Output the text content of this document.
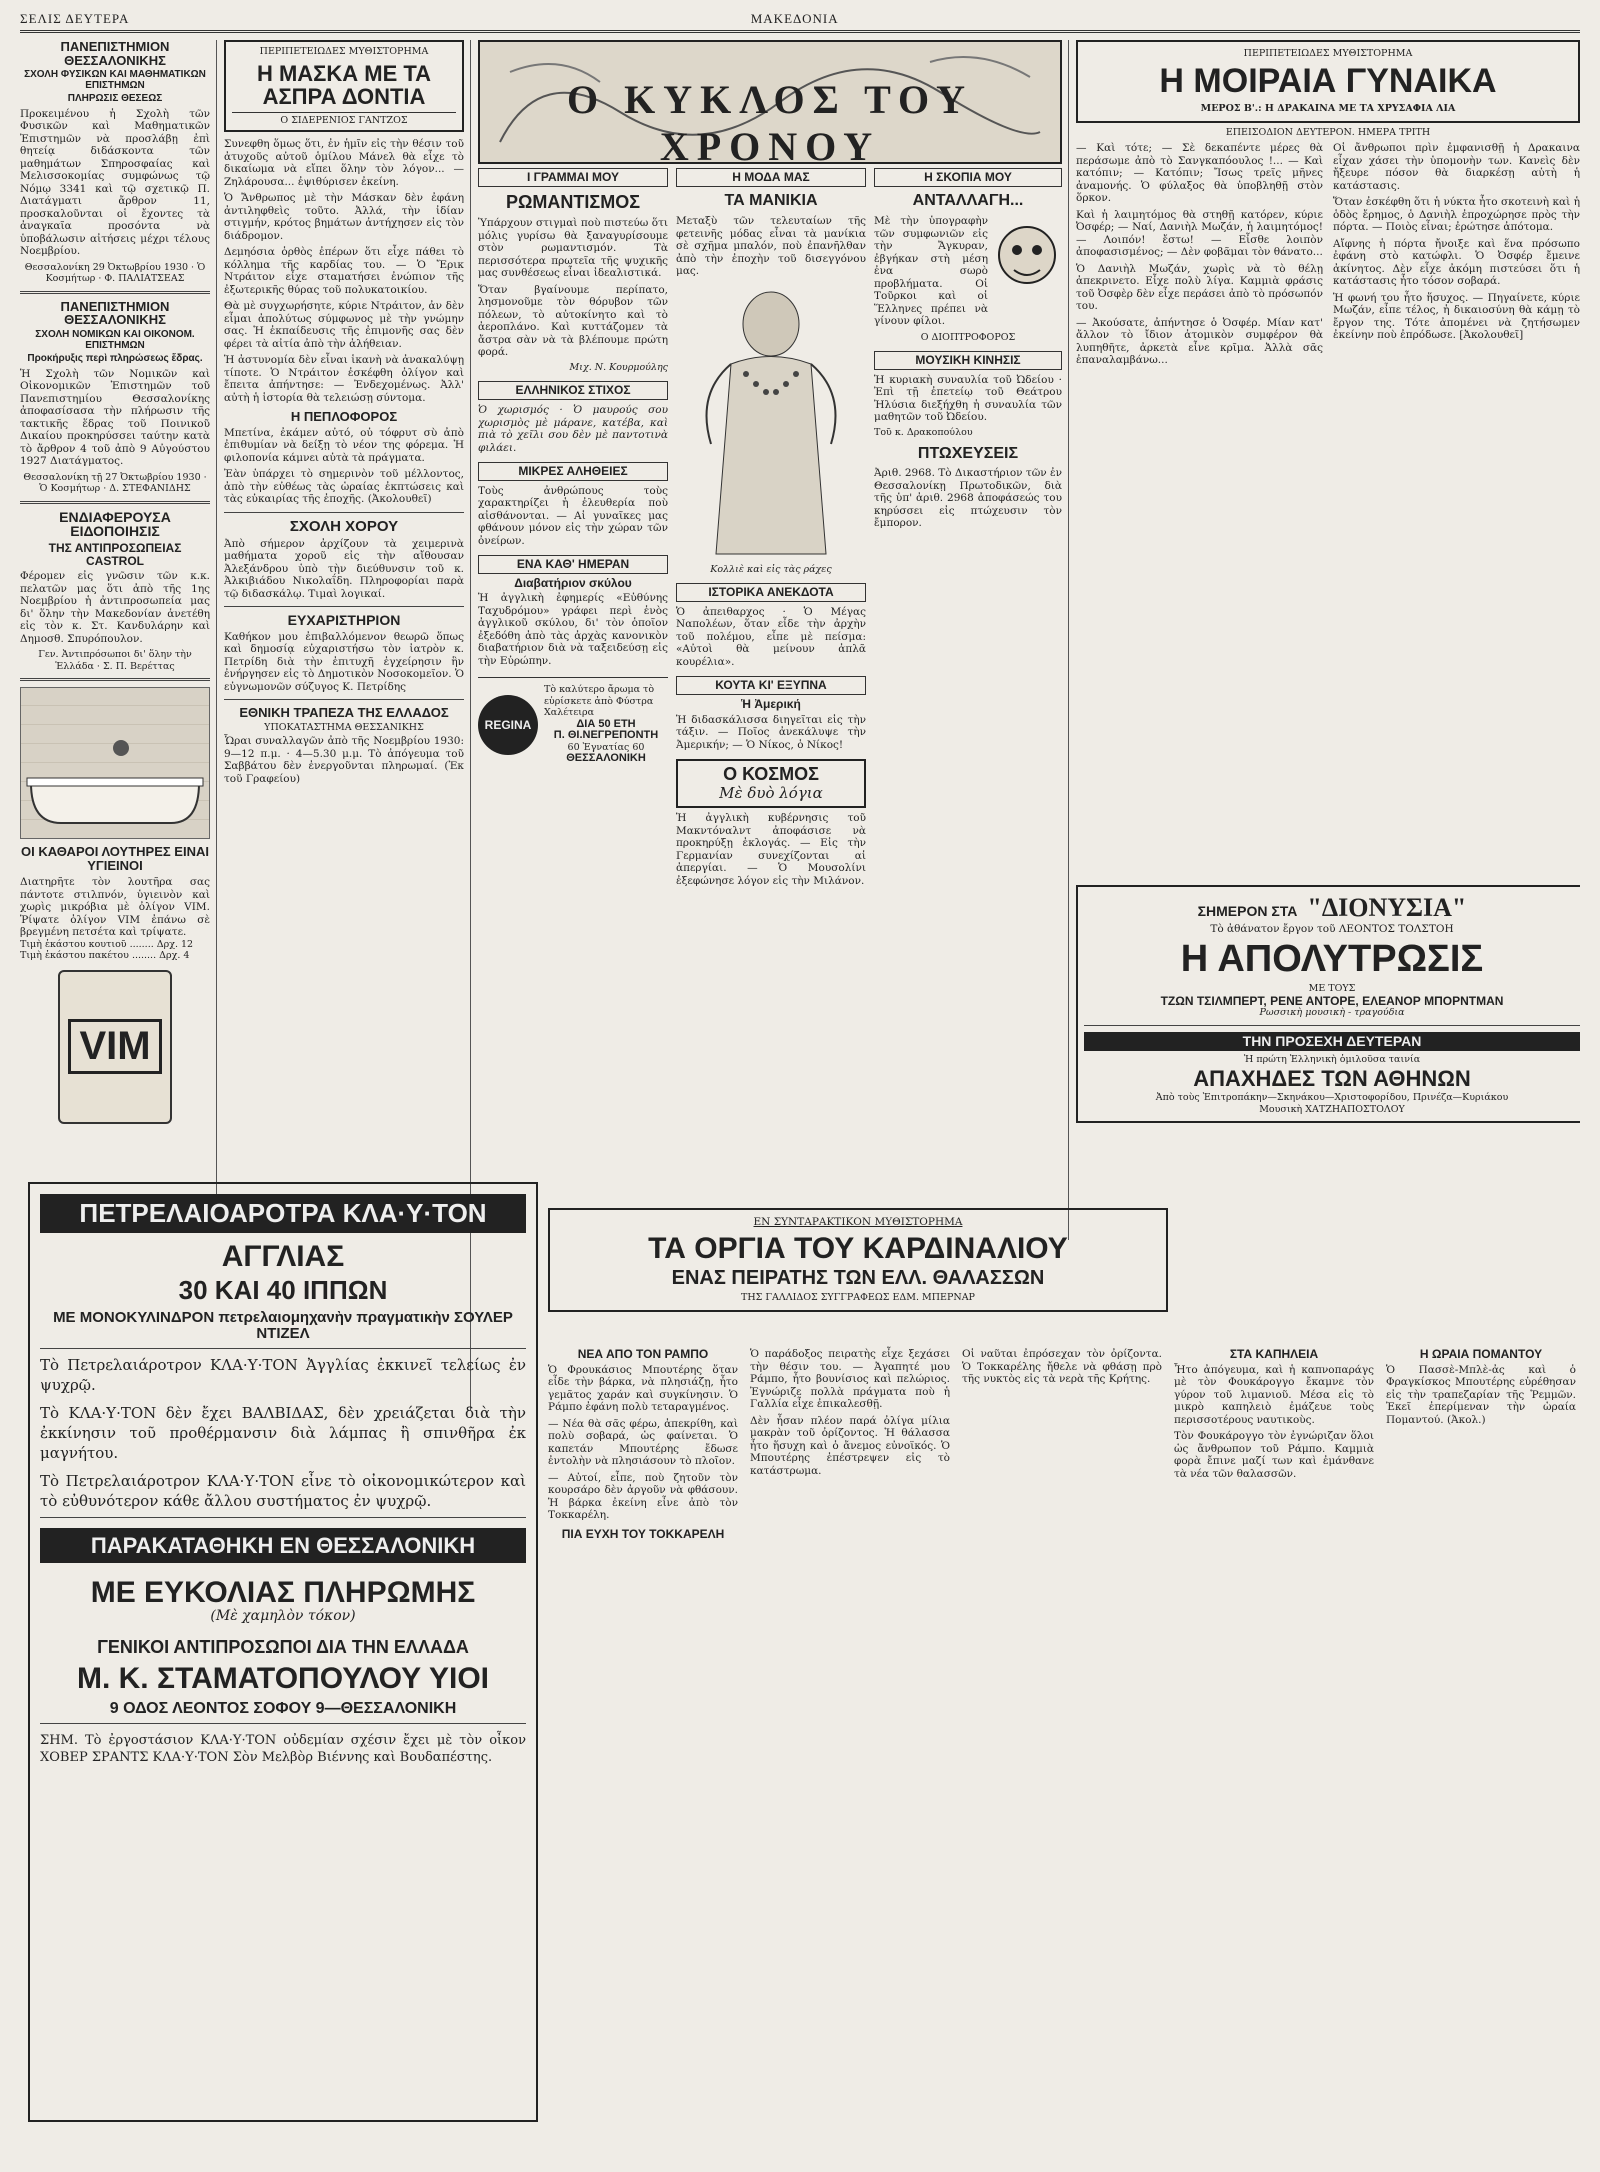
ΣΕΛΙΣ ΔΕΥΤΕΡΑ	ΜΑΚΕΔΟΝΙΑ
ΠΑΝΕΠΙΣΤΗΜΙΟΝ ΘΕΣΣΑΛΟΝΙΚΗΣ
ΣΧΟΛΗ ΦΥΣΙΚΩΝ ΚΑΙ ΜΑΘΗΜΑΤΙΚΩΝ ΕΠΙΣΤΗΜΩΝ
ΠΛΗΡΩΣΙΣ ΘΕΣΕΩΣ
Προκειμένου ἡ Σχολὴ τῶν Φυσικῶν καὶ Μαθηματικῶν Ἐπιστημῶν νὰ προσλάβῃ ἐπὶ θητείᾳ διδάσκοντα τῶν μαθημάτων Σπηροσφαίας καὶ Μελισσοκομίας συμφώνως τῷ Νόμῳ 3341 καὶ τῷ σχετικῷ Π. Διατάγματι ἄρθρον 11, προσκαλοῦνται οἱ ἔχοντες τὰ ἀναγκαῖα προσόντα νὰ ὑποβάλωσιν αἰτήσεις μέχρι τέλους Νοεμβρίου.
Θεσσαλονίκη 29 Ὀκτωβρίου 1930 · Ὁ Κοσμήτωρ · Φ. ΠΑΛΙΑΤΣΕΑΣ
ΠΑΝΕΠΙΣΤΗΜΙΟΝ ΘΕΣΣΑΛΟΝΙΚΗΣ
ΣΧΟΛΗ ΝΟΜΙΚΩΝ ΚΑΙ ΟΙΚΟΝΟΜ. ΕΠΙΣΤΗΜΩΝ
Προκήρυξις περὶ πληρώσεως ἕδρας.
Ἡ Σχολὴ τῶν Νομικῶν καὶ Οἰκονομικῶν Ἐπιστημῶν τοῦ Πανεπιστημίου Θεσσαλονίκης ἀποφασίσασα τὴν πλήρωσιν τῆς τακτικῆς ἕδρας τοῦ Ποινικοῦ Δικαίου προκηρύσσει ταύτην κατὰ τὸ ἄρθρον 4 τοῦ ἀπὸ 9 Αὐγούστου 1927 Διατάγματος.
Θεσσαλονίκη τῇ 27 Ὀκτωβρίου 1930 · Ὁ Κοσμήτωρ · Δ. ΣΤΕΦΑΝΙΔΗΣ
ΕΝΔΙΑΦΕΡΟΥΣΑ ΕΙΔΟΠΟΙΗΣΙΣ
ΤΗΣ ΑΝΤΙΠΡΟΣΩΠΕΙΑΣ CASTROL
Φέρομεν εἰς γνῶσιν τῶν κ.κ. πελατῶν μας ὅτι ἀπὸ τῆς 1ης Νοεμβρίου ἡ ἀντιπροσωπεία μας δι' ὅλην τὴν Μακεδονίαν ἀνετέθη εἰς τὸν κ. Στ. Κανδυλάρην καὶ Δημοσθ. Σπυρόπουλον.
Γεν. Ἀντιπρόσωποι δι' ὅλην τὴν Ἑλλάδα · Σ. Π. Βερέττας
ΟΙ ΚΑΘΑΡΟΙ ΛΟΥΤΗΡΕΣ ΕΙΝΑΙ ΥΓΙΕΙΝΟΙ
Διατηρῆτε τὸν λουτῆρα σας πάντοτε στιλπνόν, ὑγιεινὸν καὶ χωρὶς μικρόβια μὲ ὀλίγον VIM. Ῥίψατε ὀλίγον VIM ἐπάνω σὲ βρεγμένη πετσέτα καὶ τρίψατε.
Τιμὴ ἑκάστου κουτιοῦ ........ Δρχ. 12
Τιμὴ ἑκάστου πακέτου ........ Δρχ. 4
VIM
ΠΕΡΙΠΕΤΕΙΩΔΕΣ ΜΥΘΙΣΤΟΡΗΜΑ
Η ΜΑΣΚΑ ΜΕ ΤΑ ΑΣΠΡΑ ΔΟΝΤΙΑ
Ο ΣΙΔΕΡΕΝΙΟΣ ΓΑΝΤΖΟΣ
Συνεφθη ὅμως ὅτι, ἐν ἡμῖν εἰς τὴν θέσιν τοῦ ἀτυχοῦς αὐτοῦ ὁμίλου Μάνελ θὰ εἶχε τὸ δικαίωμα νὰ εἴπει ὅλην τὸν λόγον... — Ζηλάρουσα... ἐψιθύρισεν ἐκείνη.
Ὁ Ἄνθρωπος μὲ τὴν Μάσκαν δὲν ἐφάνη ἀντιληφθεὶς τοῦτο. Ἀλλά, τὴν ἰδίαν στιγμήν, κρότος βημάτων ἀντήχησεν εἰς τὸν διάδρομον.
Δεμηόσια ὁρθὸς ἐπέρων ὅτι εἶχε πάθει τὸ κόλλημα τῆς καρδίας του. — Ὁ Ἔρικ Ντράιτον εἶχε σταματήσει ἐνώπιον τῆς ἐξωτερικῆς θύρας τοῦ πολυκατοικίου.
Θὰ μὲ συγχωρήσητε, κύριε Ντράιτον, ἀν δὲν εἶμαι ἀπολύτως σύμφωνος μὲ τὴν γνώμην σας. Ἡ ἐκπαίδευσις τῆς ἐπιμονῆς σας δὲν φέρει τὰ αἰτία ἀπὸ τὴν ἀλήθειαν.
Ἡ ἀστυνομία δὲν εἶναι ἱκανὴ νὰ ἀνακαλύψῃ τίποτε. Ὁ Ντράιτον ἐσκέφθη ὀλίγον καὶ ἔπειτα ἀπήντησε: — Ἐνδεχομένως. Ἀλλ' αὐτὴ ἡ ἱστορία θὰ τελειώσῃ σύντομα.
Η ΠΕΠΛΟΦΟΡΟΣ
Μπετίνα, ἐκάμεν αὐτό, οὐ τόφρυτ σὺ ἀπὸ ἐπιθυμίαν νὰ δείξῃ τὸ νέον της φόρεμα. Ἡ φιλοπονία κάμνει αὐτὰ τὰ πράγματα.
Ἐὰν ὑπάρχει τὸ σημερινὸν τοῦ μέλλοντος, ἀπὸ τὴν εὐθέως τὰς ὡραίας ἐκπτώσεις καὶ τὰς εὐκαιρίας τῆς ἐποχῆς. (Ἀκολουθεῖ)
ΣΧΟΛΗ ΧΟΡΟΥ
Ἀπὸ σήμερον ἀρχίζουν τὰ χειμερινὰ μαθήματα χοροῦ εἰς τὴν αἴθουσαν Ἀλεξάνδρου ὑπὸ τὴν διεύθυνσιν τοῦ κ. Ἀλκιβιάδου Νικολαΐδη. Πληροφορίαι παρὰ τῷ διδασκάλῳ. Τιμαὶ λογικαί.
ΕΥΧΑΡΙΣΤΗΡΙΟΝ
Καθήκον μου ἐπιβαλλόμενον θεωρῶ ὅπως καὶ δημοσίᾳ εὐχαριστήσω τὸν ἰατρὸν κ. Πετρίδη διὰ τὴν ἐπιτυχῆ ἐγχείρησιν ἣν ἐνήργησεν εἰς τὸ Δημοτικὸν Νοσοκομεῖον. Ὁ εὐγνωμονῶν σύζυγος Κ. Πετρίδης
ΕΘΝΙΚΗ ΤΡΑΠΕΖΑ ΤΗΣ ΕΛΛΑΔΟΣ
ΥΠΟΚΑΤΑΣΤΗΜΑ ΘΕΣΣΑΝΙΚΗΣ
Ὧραι συναλλαγῶν ἀπὸ τῆς Νοεμβρίου 1930: 9—12 π.μ. · 4—5.30 μ.μ. Τὸ ἀπόγευμα τοῦ Σαββάτου δὲν ἐνεργοῦνται πληρωμαί. (Ἐκ τοῦ Γραφείου)
Ο ΚΥΚΛΟΣ ΤΟΥ ΧΡΟΝΟΥ
Ι ΓΡΑΜΜΑΙ ΜΟΥ
ΡΩΜΑΝΤΙΣΜΟΣ
Ὑπάρχουν στιγμαὶ ποὺ πιστεύω ὅτι μόλις γυρίσω θὰ ξαναγυρίσουμε στὸν ρωμαντισμόν. Τὰ περισσότερα πρωτεῖα τῆς ψυχικῆς μας συνθέσεως εἶναι ἰδεαλιστικά.
Ὅταν βγαίνουμε περίπατο, λησμονοῦμε τὸν θόρυβον τῶν πόλεων, τὸ αὐτοκίνητο καὶ τὸ ἀεροπλάνο. Καὶ κυττάζομεν τὰ ἄστρα σὰν νὰ τὰ βλέπουμε πρώτη φορά.
Μιχ. Ν. Κουρμούλης
ΕΛΛΗΝΙΚΟΣ ΣΤΙΧΟΣ
Ὁ χωρισμός · Ὁ μαυρούς σου χωρισμὸς μὲ μάρανε, κατέβα, καὶ πιὰ τὸ χεῖλι σου δὲν μὲ παντοτινὰ φιλάει.
ΜΙΚΡΕΣ ΑΛΗΘΕΙΕΣ
Τοὺς ἀνθρώπους τοὺς χαρακτηρίζει ἡ ἐλευθερία ποὺ αἰσθάνονται. — Αἱ γυναῖκες μας φθάνουν μόνον εἰς τὴν χώραν τῶν ὀνείρων.
ΕΝΑ ΚΑΘ' ΗΜΕΡΑΝ
Διαβατήριον σκύλου
Ἡ ἀγγλικὴ ἐφημερίς «Εὐθύνης Ταχυδρόμου» γράφει περὶ ἑνὸς ἀγγλικοῦ σκύλου, δι' τὸν ὁποῖον ἐξεδόθη ἀπὸ τὰς ἀρχὰς κανονικὸν διαβατήριον διὰ νὰ ταξειδεύσῃ εἰς τὴν Εὐρώπην.
REGINA
Τὸ καλύτερο ἄρωμα τὸ εὑρίσκετε ἀπὸ Φύστρα Χαλέτειρα
ΔΙΑ 50 ΕΤΗ
Π. ΘΙ.ΝΕΓΡΕΠΟΝΤΗ
60 Ἐγνατίας 60
ΘΕΣΣΑΛΟΝΙΚΗ
Η ΜΟΔΑ ΜΑΣ
ΤΑ ΜΑΝΙΚΙΑ
Μεταξὺ τῶν τελευταίων τῆς φετεινῆς μόδας εἶναι τὰ μανίκια σὲ σχῆμα μπαλόν, ποὺ ἐπανῆλθαν ἀπὸ τὴν ἐποχὴν τοῦ δισεγγόνου μας.
Κολλιὲ καὶ εἰς τὰς ράχες
ΙΣΤΟΡΙΚΑ ΑΝΕΚΔΟΤΑ
Ὁ ἀπειθαρχος · Ὁ Μέγας Ναπολέων, ὅταν εἶδε τὴν ἀρχὴν τοῦ πολέμου, εἶπε μὲ πείσμα: «Αὐτοὶ θὰ μείνουν ἀπλᾶ κουρέλια».
ΚΟΥΤΑ ΚΙ' ΕΞΥΠΝΑ
Ἡ Ἀμερική
Ἡ διδασκάλισσα διηγεῖται εἰς τὴν τάξιν. — Ποῖος ἀνεκάλυψε τὴν Ἀμερικήν; — Ὁ Νίκος, ὁ Νίκος!
Ο ΚΟΣΜΟΣ
Μὲ δυὸ λόγια
Ἡ ἀγγλικὴ κυβέρνησις τοῦ Μακντόναλντ ἀποφάσισε νὰ προκηρύξῃ ἐκλογάς. — Εἰς τὴν Γερμανίαν συνεχίζονται αἱ ἀπεργίαι. — Ὁ Μουσολίνι ἐξεφώνησε λόγον εἰς τὴν Μιλάνον.
Η ΣΚΟΠΙΑ ΜΟΥ
ΑΝΤΑΛΛΑΓΗ...
Μὲ τὴν ὑπογραφὴν τῶν συμφωνιῶν εἰς τὴν Ἄγκυραν, ἐβγήκαν στὴ μέση ἐνα σωρὸ προβλήματα. Οἱ Τοῦρκοι καὶ οἱ Ἕλληνες πρέπει νὰ γίνουν φίλοι.
Ο ΔΙΟΠΤΡΟΦΟΡΟΣ
ΜΟΥΣΙΚΗ ΚΙΝΗΣΙΣ
Ἡ κυριακὴ συναυλία τοῦ Ὠδείου · Ἐπὶ τῇ ἐπετείῳ τοῦ Θεάτρου Ἠλύσια διεξήχθη ἡ συναυλία τῶν μαθητῶν τοῦ Ὠδείου.
Τοῦ κ. Δρακοπούλου
ΠΤΩΧΕΥΣΕΙΣ
Ἀριθ. 2968. Τὸ Δικαστήριον τῶν ἐν Θεσσαλονίκῃ Πρωτοδικῶν, διὰ τῆς ὑπ' ἀριθ. 2968 ἀποφάσεώς του κηρύσσει εἰς πτώχευσιν τὸν ἔμπορον.
ΠΕΡΙΠΕΤΕΙΩΔΕΣ ΜΥΘΙΣΤΟΡΗΜΑ
Η ΜΟΙΡΑΙΑ ΓΥΝΑΙΚΑ
ΜΕΡΟΣ Β'.: Η ΔΡΑΚΑΙΝΑ ΜΕ ΤΑ ΧΡΥΣΑΦΙΑ ΛΙΑ
ΕΠΕΙΣΟΔΙΟΝ ΔΕΥΤΕΡΟΝ. ΗΜΕΡΑ ΤΡΙΤΗ
— Καὶ τότε; — Σὲ δεκαπέντε μέρες θὰ περάσωμε ἀπὸ τὸ Σανγκαπόουλος !... — Καὶ κατόπιν; — Κατόπιν; Ἴσως τρεῖς μῆνες ἀναμονής. Ὁ φύλαξος θὰ ὑποβληθῇ στὸν ὅρκον.
Καὶ ἡ λαιμητόμος θὰ στηθῇ κατόρεν, κύριε Ὀσφέρ; — Ναί, Δανιὴλ Μωζάν, ἡ λαιμητόμος! — Λοιπόν! ἔστω! — Εἶσθε λοιπὸν ἀποφασισμένος; — Δὲν φοβᾶμαι τὸν θάνατο...
Ὁ Δανιὴλ Μωζάν, χωρὶς νὰ τὸ θέλῃ ἀπεκρινετο. Εἶχε πολὺ λίγα. Καμμιὰ φράσις τοῦ Ὀσφὲρ δὲν εἶχε περάσει ἀπὸ τὸ πρόσωπόν του.
— Ἀκούσατε, ἀπήντησε ὁ Ὀσφέρ. Μίαν κατ' ἄλλον τὸ ἴδιον ἀτομικὸν συμφέρον θὰ λυπηθῆτε, ἀρκετὰ εἶνε κρῖμα. Ἀλλὰ σᾶς ἐπαναλαμβάνω...
Οἱ ἄνθρωποι πρὶν ἐμφανισθῇ ἡ Δρακαινα εἶχαν χάσει τὴν ὑπομονὴν των. Κανεὶς δὲν ἤξευρε πόσον θὰ διαρκέσῃ αὐτὴ ἡ κατάστασις.
Ὅταν ἐσκέφθη ὅτι ἡ νύκτα ἦτο σκοτεινὴ καὶ ἡ ὁδὸς ἔρημος, ὁ Δανιὴλ ἐπροχώρησε πρὸς τὴν πόρτα. — Ποιὸς εἶναι; ἐρώτησε ἀπότομα.
Αἴφνης ἡ πόρτα ἤνοιξε καὶ ἕνα πρόσωπο ἐφάνη στὸ κατώφλι. Ὁ Ὀσφέρ ἔμεινε ἀκίνητος. Δὲν εἶχε ἀκόμη πιστεύσει ὅτι ἡ κατάστασις ἦτο τόσον σοβαρά.
Ἡ φωνή του ἦτο ἥσυχος. — Πηγαίνετε, κύριε Μωζάν, εἶπε τέλος, ἡ δικαιοσύνη θὰ κάμῃ τὸ ἔργον της. Τότε ἀπομένει νὰ ζητήσωμεν ἐκείνην ποὺ ἐπρόδωσε. [Ἀκολουθεῖ]
ΣΗΜΕΡΟΝ ΣΤΑ "ΔΙΟΝΥΣΙΑ"
Τὸ ἀθάνατον ἔργον τοῦ ΛΕΟΝΤΟΣ ΤΟΛΣΤΟΗ
Η ΑΠΟΛΥΤΡΩΣΙΣ
ΜΕ ΤΟΥΣ
ΤΖΩΝ ΤΣΙΛΜΠΕΡΤ, ΡΕΝΕ ΑΝΤΟΡΕ, ΕΛΕΑΝΟΡ ΜΠΟΡΝΤΜΑΝ
Ρωσσικὴ μουσικὴ - τραγούδια
ΤΗΝ ΠΡΟΣΕΧΗ ΔΕΥΤΕΡΑΝ
Ἡ πρώτη Ἑλληνικὴ ὁμιλοῦσα ταινία
ΑΠΑΧΗΔΕΣ ΤΩΝ ΑΘΗΝΩΝ
Ἀπὸ τοὺς Ἐπιτροπάκην—Σκηνάκου—Χριστοφορίδου, Πρινέζα—Κυριάκου
Μουσικὴ ΧΑΤΖΗΑΠΟΣΤΟΛΟΥ
ΠΕΤΡΕΛΑΙΟΑΡΟΤΡΑ ΚΛΑ·Υ·ΤΟΝ
ΑΓΓΛΙΑΣ
30 ΚΑΙ 40 ΙΠΠΩΝ
ΜΕ ΜΟΝΟΚΥΛΙΝΔΡΟΝ πετρελαιομηχανὴν πραγματικὴν ΣΟΥΛΕΡ ΝΤΙΖΕΛ
Τὸ Πετρελαιάροτρον ΚΛΑ·Υ·ΤΟΝ Ἀγγλίας ἐκκινεῖ τελείως ἐν ψυχρῷ.
Τὸ ΚΛΑ·Υ·ΤΟΝ δὲν ἔχει ΒΑΛΒΙΔΑΣ, δὲν χρειάζεται διὰ τὴν ἐκκίνησιν τοῦ προθέρμανσιν διὰ λάμπας ἢ σπινθῆρα ἐκ μαγνήτου.
Τὸ Πετρελαιάροτρον ΚΛΑ·Υ·ΤΟΝ εἶνε τὸ οἰκονομικώτερον καὶ τὸ εὐθυνότερον κάθε ἄλλου συστήματος ἐν ψυχρῷ.
ΠΑΡΑΚΑΤΑΘΗΚΗ ΕΝ ΘΕΣΣΑΛΟΝΙΚΗ
ΜΕ ΕΥΚΟΛΙΑΣ ΠΛΗΡΩΜΗΣ
(Μὲ χαμηλὸν τόκον)
ΓΕΝΙΚΟΙ ΑΝΤΙΠΡΟΣΩΠΟΙ ΔΙΑ ΤΗΝ ΕΛΛΑΔΑ
Μ. Κ. ΣΤΑΜΑΤΟΠΟΥΛΟΥ ΥΙΟΙ
9 ΟΔΟΣ ΛΕΟΝΤΟΣ ΣΟΦΟΥ 9—ΘΕΣΣΑΛΟΝΙΚΗ
ΣΗΜ. Τὸ ἐργοστάσιον ΚΛΑ·Υ·ΤΟΝ οὐδεμίαν σχέσιν ἔχει μὲ τὸν οἶκον ΧΟΒΕΡ ΣΡΑΝΤΣ ΚΛΑ·Υ·ΤΟΝ Σὸν Μελβὸρ Βιέννης καὶ Βουδαπέστης.
ΕΝ ΣΥΝΤΑΡΑΚΤΙΚΟΝ ΜΥΘΙΣΤΟΡΗΜΑ
ΤΑ ΟΡΓΙΑ ΤΟΥ ΚΑΡΔΙΝΑΛΙΟΥ
ΕΝΑΣ ΠΕΙΡΑΤΗΣ ΤΩΝ ΕΛΛ. ΘΑΛΑΣΣΩΝ
ΤΗΣ ΓΑΛΛΙΔΟΣ ΣΥΓΓΡΑΦΕΩΣ ΕΔΜ. ΜΠΕΡΝΑΡ
ΝΕΑ ΑΠΟ ΤΟΝ ΡΑΜΠΟ
Ὁ Φρουκάσιος Μπουτέρης ὅταν εἶδε τὴν βάρκα, νὰ πλησιάζῃ, ἦτο γεμᾶτος χαράν καὶ συγκίνησιν. Ὁ Ράμπο ἐφάνη πολὺ τεταραγμένος.
— Νέα θὰ σᾶς φέρω, ἀπεκρίθη, καὶ πολὺ σοβαρά, ὡς φαίνεται. Ὁ καπετάν Μπουτέρης ἔδωσε ἐντολὴν νὰ πλησιάσουν τὸ πλοῖον.
— Αὐτοί, εἶπε, ποὺ ζητοῦν τὸν κουρσάρο δὲν ἀργοῦν νὰ φθάσουν. Ἡ βάρκα ἐκείνη εἶνε ἀπὸ τὸν Τοκκαρέλη.
ΠΙΑ ΕΥΧΗ ΤΟΥ ΤΟΚΚΑΡΕΛΗ
Ὁ παράδοξος πειρατὴς εἶχε ξεχάσει τὴν θέσιν του. — Ἀγαπητέ μου Ράμπο, ἦτο βουνίσιος καὶ πελώριος. Ἐγνώριζε πολλὰ πράγματα ποὺ ἡ Γαλλία εἶχε ἐπικαλεσθῇ.
Δὲν ἦσαν πλέον παρά ὀλίγα μίλια μακρὰν τοῦ ὀρίζοντος. Ἡ θάλασσα ἦτο ἥσυχη καὶ ὁ ἄνεμος εὐνοϊκός. Ὁ Μπουτέρης ἐπέστρεψεν εἰς τὸ κατάστρωμα.
Οἱ ναῦται ἐπρόσεχαν τὸν ὀρίζοντα. Ὁ Τοκκαρέλης ἤθελε νὰ φθάσῃ πρὸ τῆς νυκτὸς εἰς τὰ νερὰ τῆς Κρήτης.
ΣΤΑ ΚΑΠΗΛΕΙΑ
Ἦτο ἀπόγευμα, καὶ ἡ καπνοπαράγς μὲ τὸν Φουκάρογγο ἔκαμνε τὸν γύρον τοῦ λιμανιοῦ. Μέσα εἰς τὸ μικρὸ καπηλειὸ ἐμάζευε τοὺς περισσοτέρους ναυτικοὺς.
Τὸν Φουκάρογγο τὸν ἐγνώριζαν ὅλοι ὡς ἄνθρωπον τοῦ Ράμπο. Καμμιὰ φορὰ ἔπινε μαζί των καὶ ἐμάνθανε τὰ νέα τῶν θαλασσῶν.
Η ΩΡΑΙΑ ΠΟΜΑΝΤΟΥ
Ὁ Πασσὲ-Μπλὲ-ἀς καὶ ὁ Φραγκίσκος Μπουτέρης εὑρέθησαν εἰς τὴν τραπεζαρίαν τῆς Ῥεμμῶν. Ἐκεῖ ἐπερίμεναν τὴν ὡραία Πομαντού. (Ἀκολ.)
